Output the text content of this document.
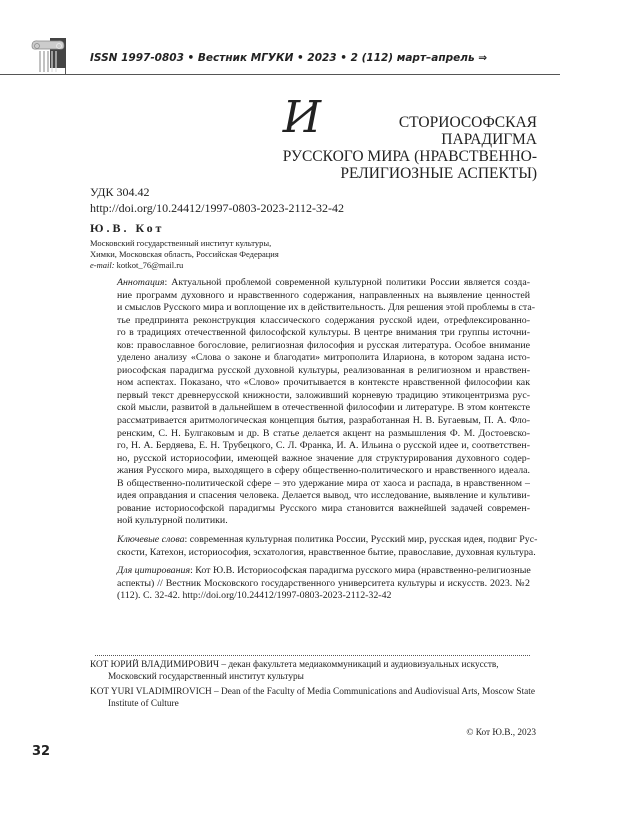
ISSN 1997-0803 • Вестник МГУКИ • 2023 • 2 (112) март–апрель ⇒
И	СТОРИОСОФСКАЯ ПАРАДИГМА
РУССКОГО МИРА (НРАВСТВЕННО-
РЕЛИГИОЗНЫЕ АСПЕКТЫ)
УДК 304.42
http://doi.org/10.24412/1997-0803-2023-2112-32-42
Ю.В. Кот
Московский государственный институт культуры,
Химки, Московская область, Российская Федерация
e-mail: kotkot_76@mail.ru
Аннотация: Актуальной проблемой современной культурной политики России является созда-
ние программ духовного и нравственного содержания, направленных на выявление ценностей
и смыслов Русского мира и воплощение их в действительность. Для решения этой проблемы в ста-
тье предпринята реконструкция классического содержания русской идеи, отрефлексированно-
го в традициях отечественной философской культуры. В центре внимания три группы источни-
ков: православное богословие, религиозная философия и русская литература. Особое внимание
уделено анализу «Слова о законе и благодати» митрополита Илариона, в котором задана исто-
риософская парадигма русской духовной культуры, реализованная в религиозном и нравствен-
ном аспектах. Показано, что «Слово» прочитывается в контексте нравственной философии как
первый текст древнерусской книжности, заложивший корневую традицию этикоцентризма рус-
ской мысли, развитой в дальнейшем в отечественной философии и литературе. В этом контексте
рассматривается аритмологическая концепция бытия, разработанная Н. В. Бугаевым, П. А. Фло-
ренским, С. Н. Булгаковым и др. В статье делается акцент на размышления Ф. М. Достоевско-
го, Н. А. Бердяева, Е. Н. Трубецкого, С. Л. Франка, И. А. Ильина о русской идее и, соответствен-
но, русской историософии, имеющей важное значение для структурирования духовного содер-
жания Русского мира, выходящего в сферу общественно-политического и нравственного идеала.
В общественно-политической сфере – это удержание мира от хаоса и распада, в нравственном –
идея оправдания и спасения человека. Делается вывод, что исследование, выявление и культиви-
рование историософской парадигмы Русского мира становится важнейшей задачей современ-
ной культурной политики.
Ключевые слова: современная культурная политика России, Русский мир, русская идея, подвиг Рус-
скости, Катехон, историософия, эсхатология, нравственное бытие, православие, духовная культура.
Для цитирования: Кот Ю.В. Историософская парадигма русского мира (нравственно-религиозные
аспекты) // Вестник Московского государственного университета культуры и искусств. 2023. №2
(112). С. 32-42. http://doi.org/10.24412/1997-0803-2023-2112-32-42
КОТ ЮРИЙ ВЛАДИМИРОВИЧ – декан факультета медиакоммуникаций и аудиовизуальных искусств, Московский государственный институт культуры
KOT YURI VLADIMIROVICH – Dean of the Faculty of Media Communications and Audiovisual Arts, Moscow State Institute of Culture
© Кот Ю.В., 2023
32
